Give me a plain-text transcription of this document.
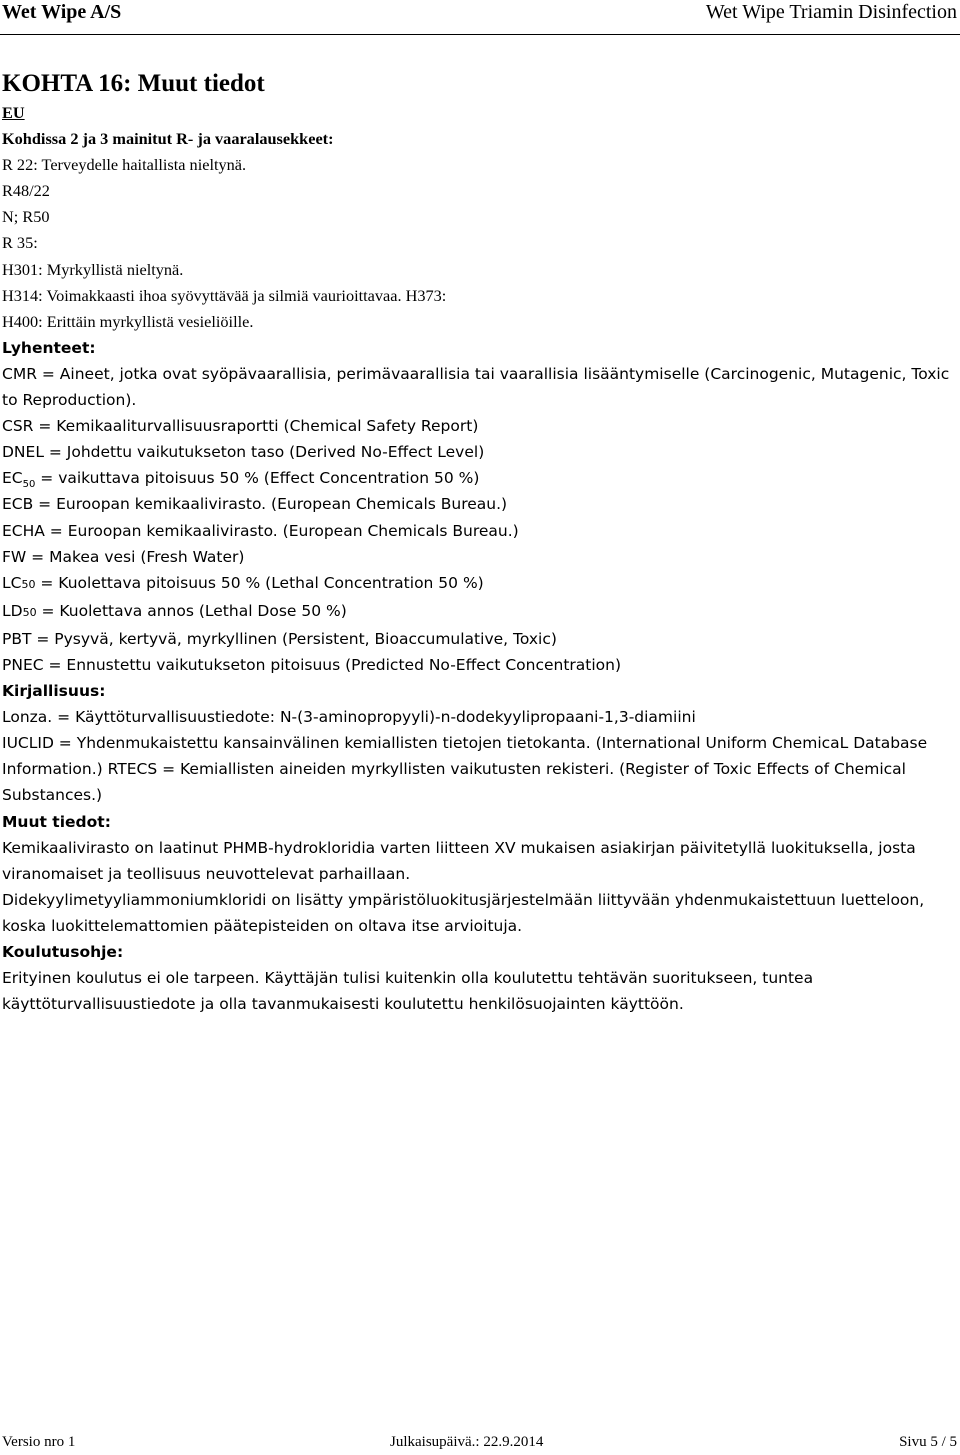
Wet Wipe A/S	Wet Wipe Triamin Disinfection
KOHTA 16: Muut tiedot

EU

Kohdissa 2 ja 3 mainitut R- ja vaaralausekkeet:

R 22: Terveydelle haitallista nieltynä.

R48/22

N; R50

R 35:

H301: Myrkyllistä nieltynä.

H314: Voimakkaasti ihoa syövyttävää ja silmiä vaurioittavaa. H373:

H400: Erittäin myrkyllistä vesieliöille.

Lyhenteet:

CMR = Aineet, jotka ovat syöpävaarallisia, perimävaarallisia tai vaarallisia lisääntymiselle (Carcinogenic, Mutagenic, Toxic to Reproduction).

CSR = Kemikaaliturvallisuusraportti (Chemical Safety Report)

DNEL = Johdettu vaikutukseton taso (Derived No-Effect Level)

$EC_{50}$ = vaikuttava pitoisuus 50 % (Effect Concentration 50 %)

ECB = Euroopan kemikaalivirasto. (European Chemicals Bureau.)

ECHA = Euroopan kemikaalivirasto. (European Chemicals Bureau.)

FW = Makea vesi (Fresh Water)

LC50 = Kuolettava pitoisuus 50 % (Lethal Concentration 50 %)

LD50 = Kuolettava annos (Lethal Dose 50 %)

PBT = Pysyvä, kertyvä, myrkyllinen (Persistent, Bioaccumulative, Toxic)

PNEC = Ennustettu vaikutukseton pitoisuus (Predicted No-Effect Concentration)

Kirjallisuus:

Lonza. = Käyttöturvallisuustiedote: N-(3-aminopropyyli)-n-dodekyylipropaani-1,3-diamiini

IUCLID = Yhdenmukaistettu kansainvälinen kemiallisten tietojen tietokanta. (International Uniform ChemicaL Database Information.) RTECS = Kemiallisten aineiden myrkyllisten vaikutusten rekisteri. (Register of Toxic Effects of Chemical Substances.)

Muut tiedot:

Kemikaalivirasto on laatinut PHMB-hydrokloridia varten liitteen XV mukaisen asiakirjan päivitetyllä luokituksella, josta viranomaiset ja teollisuus neuvottelevat parhaillaan.

Didekyylimetyyliammoniumkloridi on lisätty ympäristöluokitusjärjestelmään liittyvään yhdenmukaistettuun luetteloon, koska luokittelemattomien päätepisteiden on oltava itse arvioituja.

Koulutusohje:

Erityinen koulutus ei ole tarpeen. Käyttäjän tulisi kuitenkin olla koulutettu tehtävän suoritukseen, tuntea käyttöturvallisuustiedote ja olla tavanmukaisesti koulutettu henkilösuojainten käyttöön.

Versio nro 1	Julkaisupäivä.: 22.9.2014	Sivu 5 / 5
